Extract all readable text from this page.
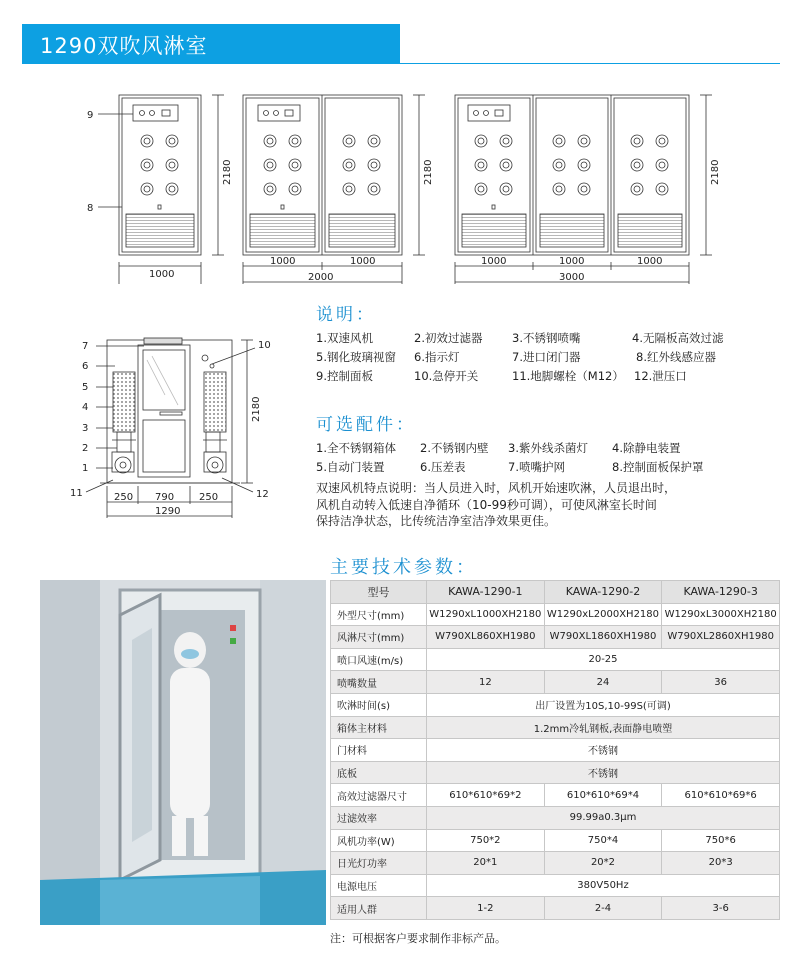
1290双吹风淋室
9
8
2180
1000
2180
1000	1000
2000
2180
1000	1000	1000
3000
7
6
5
4
3
2
1
11
10
12
2180
250 790 250
1290
说明：
1.双速风机	2.初效过滤器	3.不锈钢喷嘴	4.无隔板高效过滤
5.钢化玻璃视窗 6.指示灯	7.进口闭门器	8.红外线感应器
9.控制面板	10.急停开关	11.地脚螺栓（M12） 12.泄压口
可选配件：
1.全不锈钢箱体 2.不锈钢内壁 3.紫外线杀菌灯 4.除静电装置
5.自动门装置	6.压差表	7.喷嘴护网	8.控制面板保护罩
双速风机特点说明：当人员进入时，风机开始速吹淋，人员退出时，
风机自动转入低速自净循环（10-99秒可调），可使风淋室长时间
保持洁净状态，比传统洁净室洁净效果更佳。
主要技术参数：
型号	KAWA-1290-1	KAWA-1290-2	KAWA-1290-3
外型尺寸(mm)	W1290xL1000XH2180	W1290xL2000XH2180	W1290xL3000XH2180
风淋尺寸(mm)	W790XL860XH1980	W790XL1860XH1980	W790XL2860XH1980
喷口风速(m/s)	20-25		
喷嘴数量	12	24	36
吹淋时间(s)	出厂设置为10S,10-99S(可调)		
箱体主材料	1.2mm冷轧钢板,表面静电喷塑		
门材料	不锈钢		
底板	不锈钢		
高效过滤器尺寸	610*610*69*2	610*610*69*4	610*610*69*6
过滤效率	99.99a0.3μm		
风机功率(W)	750*2	750*4	750*6
日光灯功率	20*1	20*2	20*3
电源电压	380V50Hz		
适用人群	1-2	2-4	3-6
注：可根据客户要求制作非标产品。
